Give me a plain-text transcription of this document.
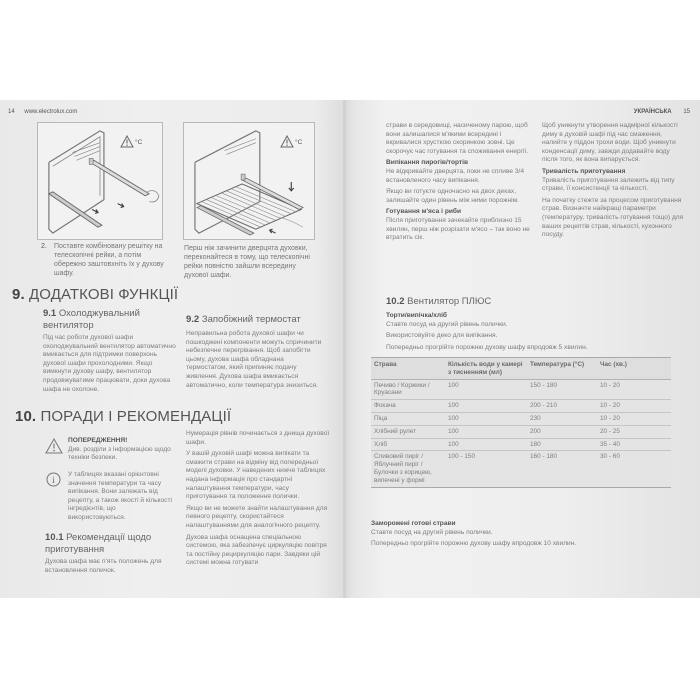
14 www.electrolux.com
°C	°C
2. Поставте комбіновану решітку на телескопічні рейки, а потім обережно заштовхніть їх у духову шафу.
Перш ніж зачинити дверцята духовки, переконайтеся в тому, що телескопічні рейки повністю зайшли всередину духової шафи.
9. ДОДАТКОВІ ФУНКЦІЇ
9.1 Охолоджувальний вентилятор
Під час роботи духової шафи охолоджувальний вентилятор автоматично вмикається для підтримки поверхонь духової шафи прохолодними. Якщо вимкнути духову шафу, вентилятор продовжуватиме працювати, доки духова шафа не охолоне.
9.2 Запобіжний термостат
Неправильна робота духової шафи чи пошкоджені компоненти можуть спричинити небезпечне перегрівання. Щоб запобігти цьому, духова шафа обладнана термостатом, який припиняє подачу живлення. Духова шафа вмикається автоматично, коли температура знизиться.
10. ПОРАДИ І РЕКОМЕНДАЦІЇ
ПОПЕРЕДЖЕННЯ!
Див. розділи з інформацією щодо техніки безпеки.
i
У таблицях вказані орієнтовні значення температури та часу випікання. Вони залежать від рецепту, а також якості й кількості інгредієнтів, що використовуються.
10.1 Рекомендації щодо приготування
Духова шафа має п'ять положень для встановлення поличок.
Нумерація рівнів починається з днища духової шафи.
У вашій духовій шафі можна випікати та смажити страви на відміну від попередньої моделі духовки. У наведених нижче таблицях надана інформація про стандартні налаштування температури, часу приготування та положення полички.
Якщо ви не можете знайти налаштування для певного рецепту, скористайтеся налаштуваннями для аналогічного рецепту.
Духова шафа оснащена спеціальною системою, яка забезпечує циркуляцію повітря та постійну рециркуляцію пари. Завдяки цій системі можна готувати
УКРАЇНСЬКА 15
страви в середовищі, насиченому парою, щоб вони залишалися м'якими всередині і вкривалися хрусткою скоринкою зовні. Це скорочує час готування та споживання енергії.
Випікання пирогів/тортів
Не відкривайте дверцята, поки не спливе 3/4 встановленого часу випікання.
Якщо ви готуєте одночасно на двох деках, залишайте один рівень між ними порожнім.
Готування м'яса і риби
Після приготування зачекайте приблизно 15 хвилин, перш ніж розрізати м'ясо – так воно не втратить сік.
Щоб уникнути утворення надмірної кількості диму в духовій шафі під час смаження, налийте у піддон трохи води. Щоб уникнути конденсації диму, завжди додавайте воду після того, як вона випарується.
Тривалість приготування
Тривалість приготування залежить від типу страви, її консистенції та кількості.
На початку стежте за процесом приготування страв. Визначте найкращі параметри (температуру, тривалість готування тощо) для ваших рецептів страв, кількості, кухонного посуду.
10.2 Вентилятор ПЛЮС
Торти/випічка/хліб
Ставте посуд на другий рівень полички.
Використовуйте деко для випікання.
Попередньо прогрійте порожню духову шафу впродовж 5 хвилин.
Страва	Кількість води у камері з тисненням (мл)	Температура (°C)	Час (хв.)
Печиво / Коржики / Круасани	100	150 - 180	10 - 20
Фокача	100	200 - 210	10 - 20
Піца	100	230	10 - 20
Хлібний рулет	100	200	20 - 25
Хліб	100	180	35 - 40
Сливовий пиріг / Яблучний пиріг / Булочки з корицею, випечені у формі	100 - 150	160 - 180	30 - 60
Заморожені готові страви
Ставте посуд на другий рівень полички.
Попередньо прогрійте порожню духову шафу впродовж 10 хвилин.
